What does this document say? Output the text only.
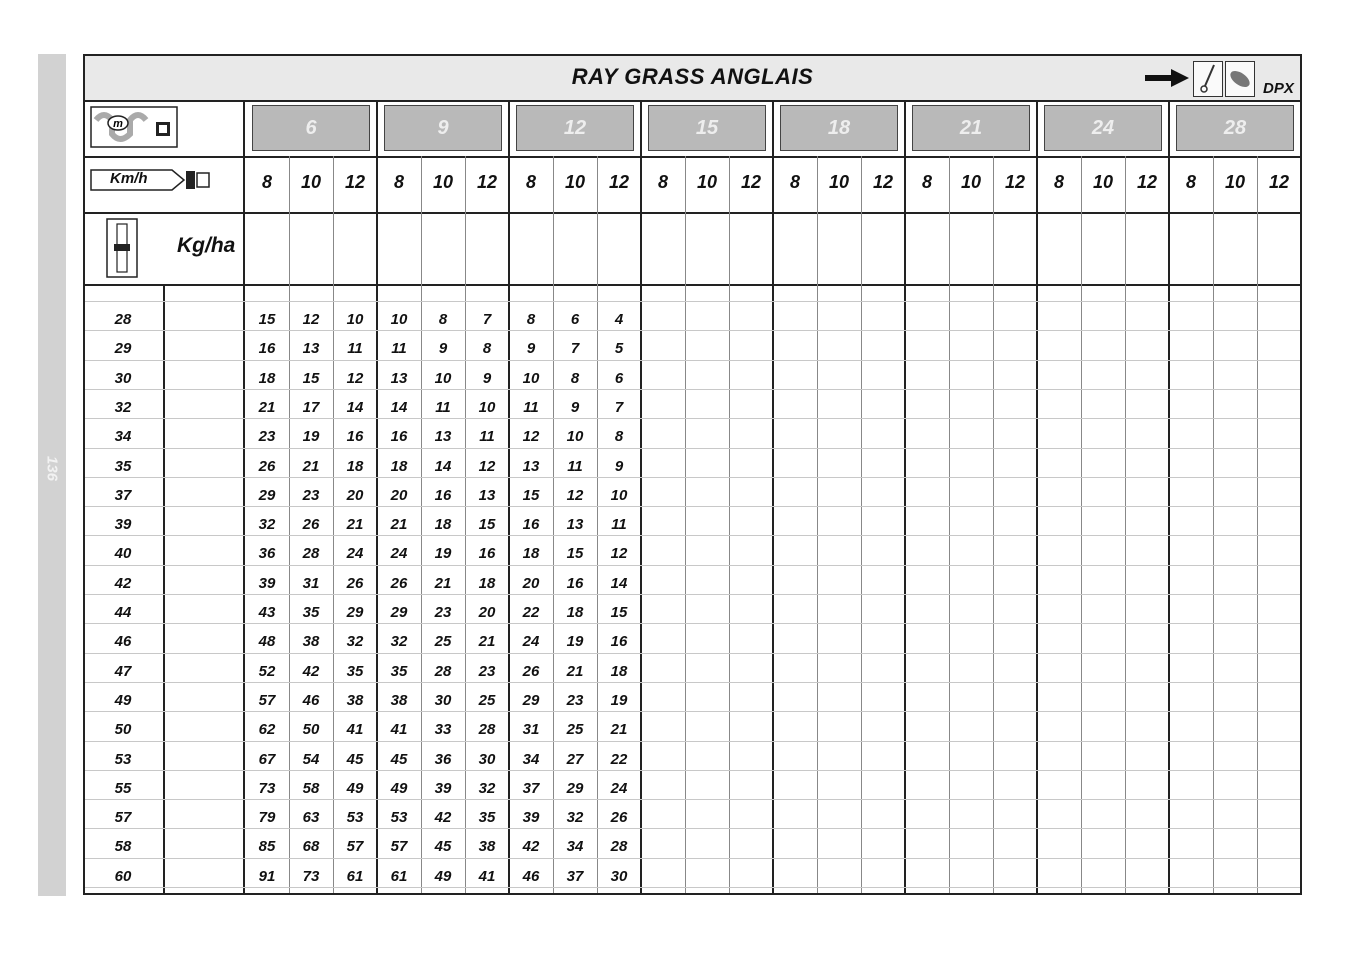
136
RAY GRASS ANGLAIS	DPX
m
Km/h
Kg/ha
6	9	12	15	18	21	24	28
8	10	12	8	10	12	8	10	12	8	10	12	8	10	12	8	10	12	8	10	12	8	10	12
28	15	12	10	10	8	7	8	6	4
29	16	13	11	11	9	8	9	7	5
30	18	15	12	13	10	9	10	8	6
32	21	17	14	14	11	10	11	9	7
34	23	19	16	16	13	11	12	10	8
35	26	21	18	18	14	12	13	11	9
37	29	23	20	20	16	13	15	12	10
39	32	26	21	21	18	15	16	13	11
40	36	28	24	24	19	16	18	15	12
42	39	31	26	26	21	18	20	16	14
44	43	35	29	29	23	20	22	18	15
46	48	38	32	32	25	21	24	19	16
47	52	42	35	35	28	23	26	21	18
49	57	46	38	38	30	25	29	23	19
50	62	50	41	41	33	28	31	25	21
53	67	54	45	45	36	30	34	27	22
55	73	58	49	49	39	32	37	29	24
57	79	63	53	53	42	35	39	32	26
58	85	68	57	57	45	38	42	34	28
60	91	73	61	61	49	41	46	37	30
